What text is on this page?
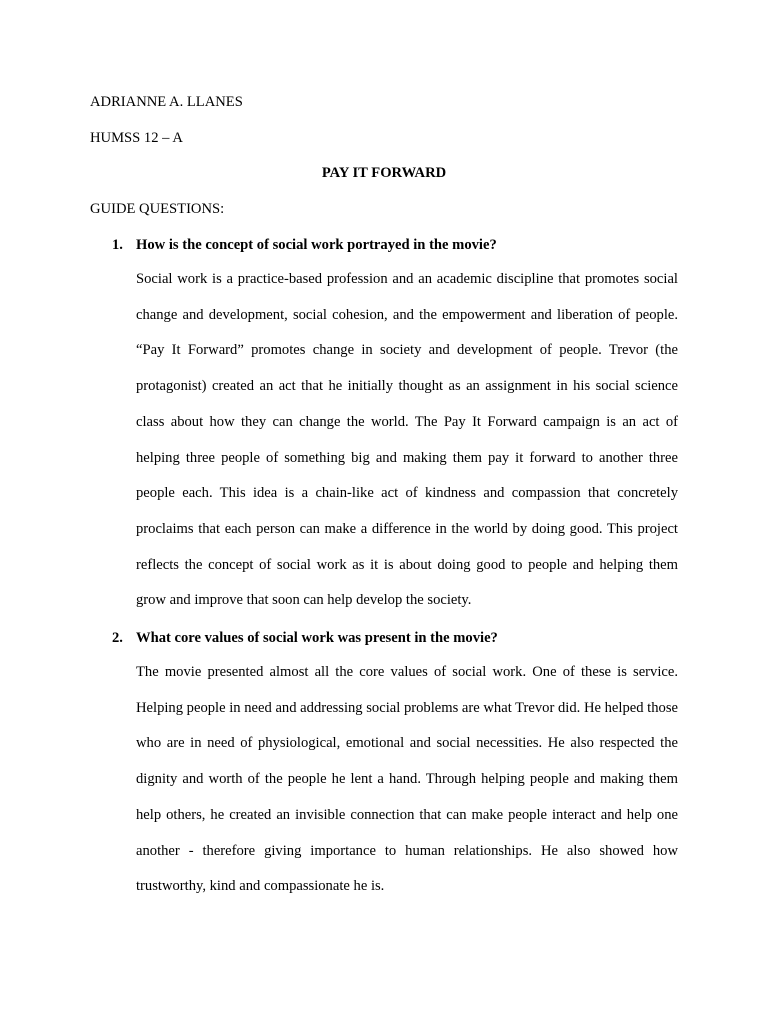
ADRIANNE A. LLANES
HUMSS 12 – A
PAY IT FORWARD
GUIDE QUESTIONS:
1. How is the concept of social work portrayed in the movie?

Social work is a practice-based profession and an academic discipline that promotes social change and development, social cohesion, and the empowerment and liberation of people. “Pay It Forward” promotes change in society and development of people. Trevor (the protagonist) created an act that he initially thought as an assignment in his social science class about how they can change the world. The Pay It Forward campaign is an act of helping three people of something big and making them pay it forward to another three people each. This idea is a chain-like act of kindness and compassion that concretely proclaims that each person can make a difference in the world by doing good. This project reflects the concept of social work as it is about doing good to people and helping them grow and improve that soon can help develop the society.

2. What core values of social work was present in the movie?

The movie presented almost all the core values of social work. One of these is service. Helping people in need and addressing social problems are what Trevor did. He helped those who are in need of physiological, emotional and social necessities. He also respected the dignity and worth of the people he lent a hand. Through helping people and making them help others, he created an invisible connection that can make people interact and help one another - therefore giving importance to human relationships. He also showed how trustworthy, kind and compassionate he is.
